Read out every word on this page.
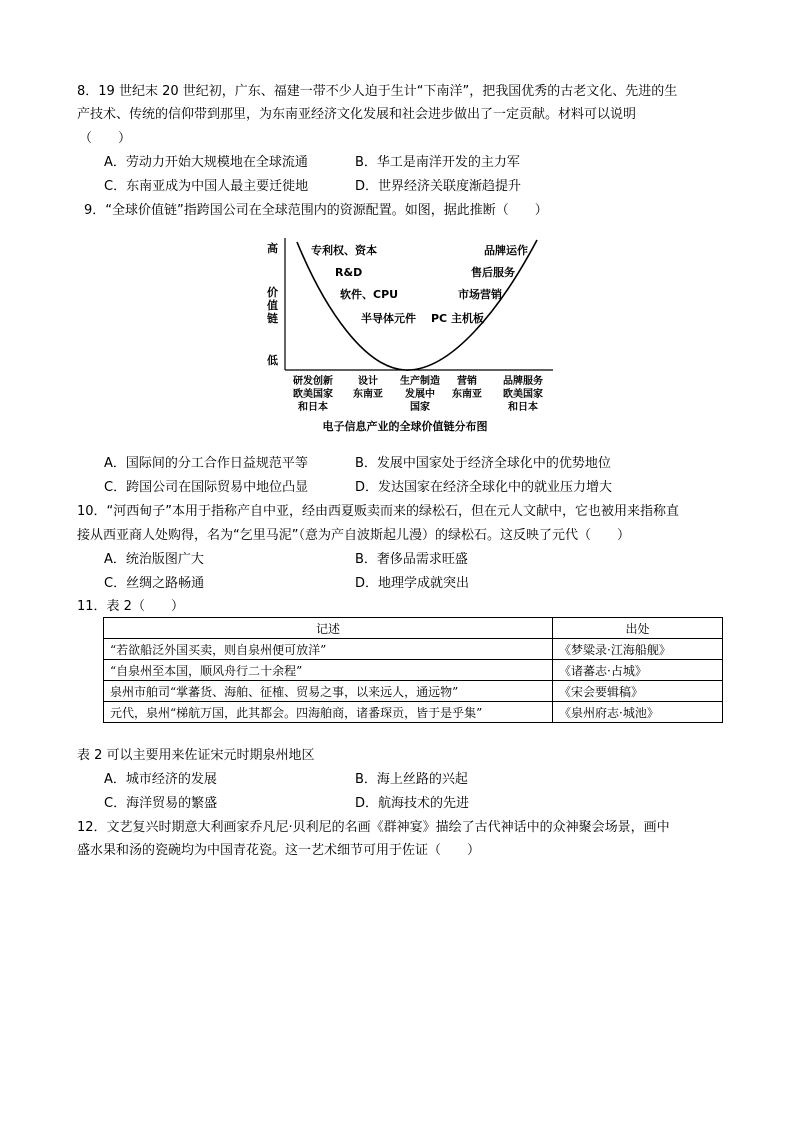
8．19 世纪末 20 世纪初，广东、福建一带不少人迫于生计“下南洋”，把我国优秀的古老文化、先进的生
产技术、传统的信仰带到那里，为东南亚经济文化发展和社会进步做出了一定贡献。材料可以说明
（　　）
A．劳动力开始大规模地在全球流通	B．华工是南洋开发的主力军
C．东南亚成为中国人最主要迁徙地	D．世界经济关联度渐趋提升
9．“全球价值链”指跨国公司在全球范围内的资源配置。如图，据此推断（　　）
高
价值链
低
专利权、资本
R&D
软件、CPU
半导体元件
品牌运作
售后服务
市场营销
PC 主机板
研发创新
欧美国家
和日本
设计
东南亚
生产制造
发展中
国家
营销
东南亚
品牌服务
欧美国家
和日本
电子信息产业的全球价值链分布图
A．国际间的分工合作日益规范平等	B．发展中国家处于经济全球化中的优势地位
C．跨国公司在国际贸易中地位凸显	D．发达国家在经济全球化中的就业压力增大
10．“河西甸子”本用于指称产自中亚，经由西夏贩卖而来的绿松石，但在元人文献中，它也被用来指称直
接从西亚商人处购得，名为“乞里马泥”（意为产自波斯起儿漫）的绿松石。这反映了元代（　　）
A．统治版图广大	B．奢侈品需求旺盛
C．丝绸之路畅通	D．地理学成就突出
11．表 2（　　）
记述	出处
“若欲船泛外国买卖，则自泉州便可放洋”	《梦粱录·江海船舰》
“自泉州至本国，顺风舟行二十余程”	《诸蕃志·占城》
泉州市舶司“掌蕃货、海舶、征榷、贸易之事，以来远人，通远物”	《宋会要辑稿》
元代，泉州“梯航万国，此其都会。四海舶商，诸番琛贡，皆于是乎集”	《泉州府志·城池》
表 2 可以主要用来佐证宋元时期泉州地区
A．城市经济的发展	B．海上丝路的兴起
C．海洋贸易的繁盛	D．航海技术的先进
12．文艺复兴时期意大利画家乔凡尼·贝利尼的名画《群神宴》描绘了古代神话中的众神聚会场景，画中
盛水果和汤的瓷碗均为中国青花瓷。这一艺术细节可用于佐证（　　）
